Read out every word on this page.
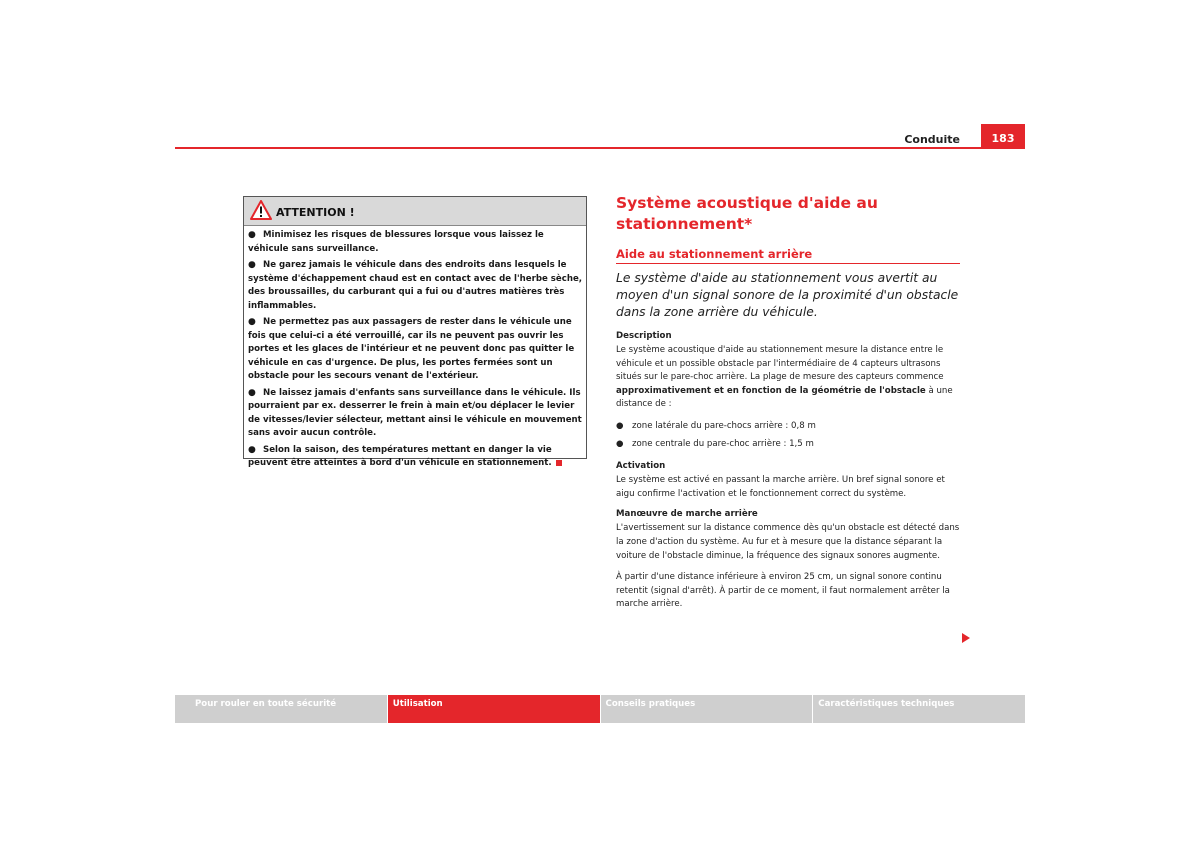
Conduite	183
ATTENTION !
● Minimisez les risques de blessures lorsque vous laissez le véhicule sans surveillance.
● Ne garez jamais le véhicule dans des endroits dans lesquels le système d'échappement chaud est en contact avec de l'herbe sèche, des broussailles, du carburant qui a fui ou d'autres matières très inflammables.
● Ne permettez pas aux passagers de rester dans le véhicule une fois que celui-ci a été verrouillé, car ils ne peuvent pas ouvrir les portes et les glaces de l'intérieur et ne peuvent donc pas quitter le véhicule en cas d'urgence. De plus, les portes fermées sont un obstacle pour les secours venant de l'extérieur.
● Ne laissez jamais d'enfants sans surveillance dans le véhicule. Ils pourraient par ex. desserrer le frein à main et/ou déplacer le levier de vitesses/levier sélecteur, mettant ainsi le véhicule en mouvement sans avoir aucun contrôle.
● Selon la saison, des températures mettant en danger la vie peuvent être atteintes à bord d'un véhicule en stationnement.
Système acoustique d'aide au stationnement*
Aide au stationnement arrière

Le système d'aide au stationnement vous avertit au moyen d'un signal sonore de la proximité d'un obstacle dans la zone arrière du véhicule.

Description

Le système acoustique d'aide au stationnement mesure la distance entre le véhicule et un possible obstacle par l'intermédiaire de 4 capteurs ultrasons situés sur le pare-choc arrière. La plage de mesure des capteurs commence approximativement et en fonction de la géométrie de l'obstacle à une distance de :

● zone latérale du pare-chocs arrière : 0,8 m
● zone centrale du pare-choc arrière : 1,5 m
Activation

Le système est activé en passant la marche arrière. Un bref signal sonore et aigu confirme l'activation et le fonctionnement correct du système.

Manœuvre de marche arrière

L'avertissement sur la distance commence dès qu'un obstacle est détecté dans la zone d'action du système. Au fur et à mesure que la distance séparant la voiture de l'obstacle diminue, la fréquence des signaux sonores augmente.

À partir d'une distance inférieure à environ 25 cm, un signal sonore continu retentit (signal d'arrêt). À partir de ce moment, il faut normalement arrêter la marche arrière.

Pour rouler en toute sécurité	Utilisation	Conseils pratiques	Caractéristiques techniques
